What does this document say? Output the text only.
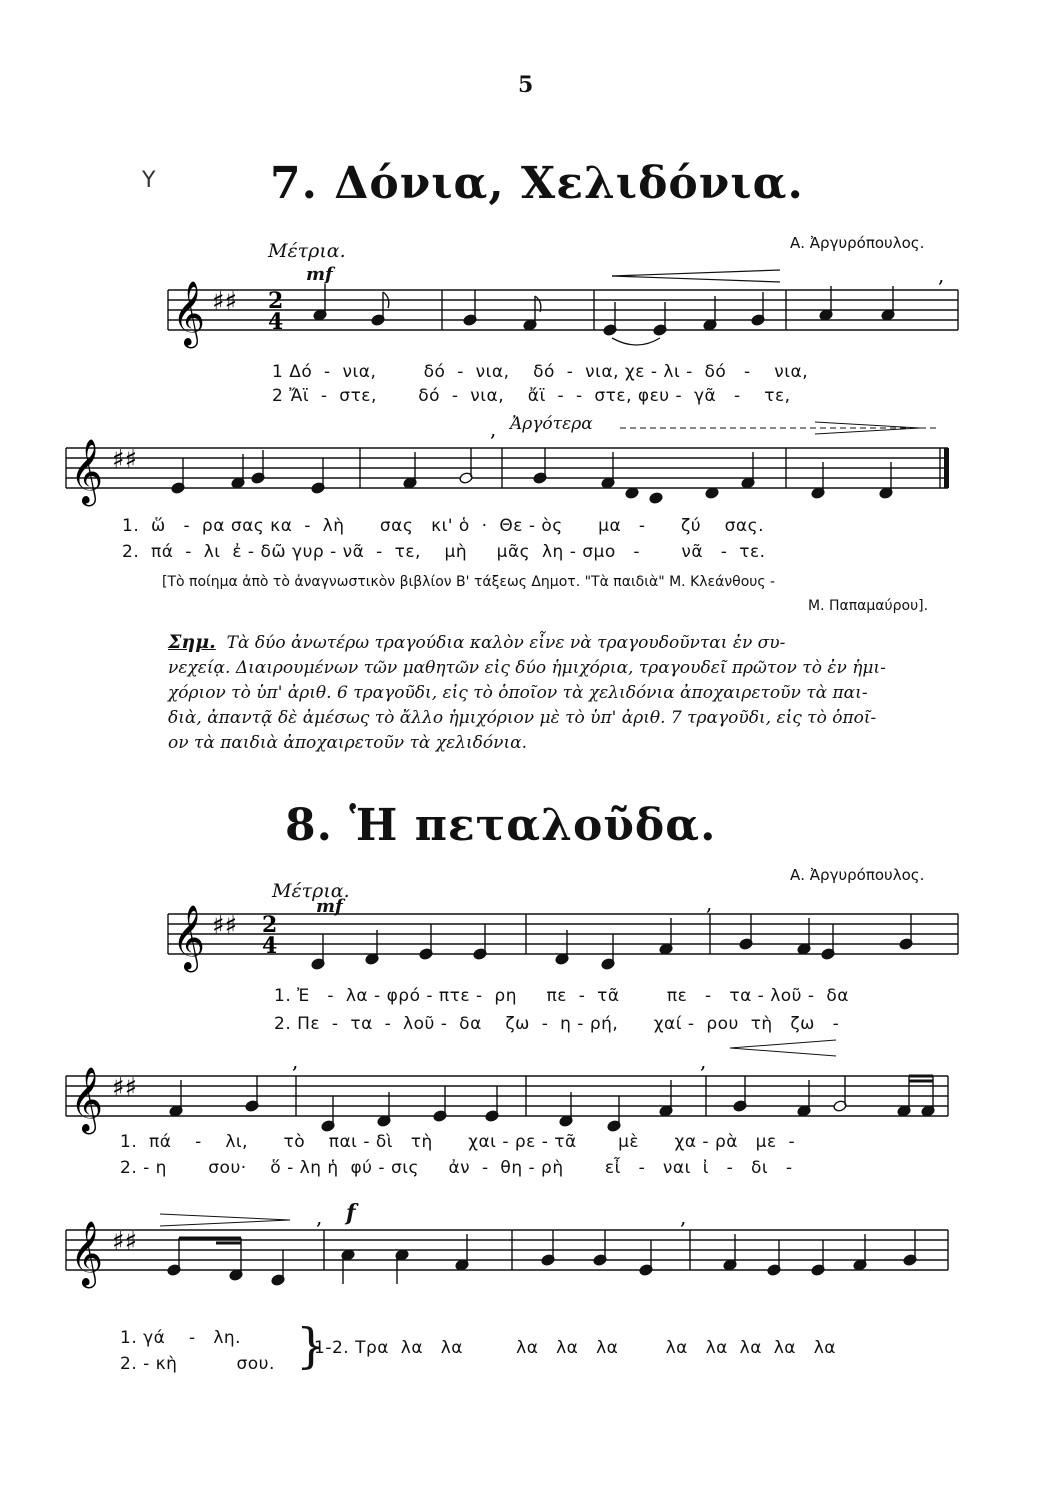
5
Y	7. Δόνια, Χελιδόνια.
Α. Ἀργυρόπουλος.
Μέτρια.
mf
𝄞 ♯♯ 2
4
,
1 Δό  -  νια,        δό  -  νια,    δό  -  νια, χε - λι -  δό   -    νια,
2 Ἄϊ  -  στε,       δό  -  νια,    ἄϊ  -  -  στε, φευ -  γᾶ   -    τε,
Ἀργότερα
,
𝄞 ♯♯
1.  ὥ   -  ρα σας κα  -  λὴ      σας   κι' ὁ  ·  Θε - ὸς      μα   -      ζύ    σας.
2.  πά  -  λι  ἐ - δῶ γυρ - νᾶ  -  τε,    μὴ     μᾶς  λη - σμο   -       νᾶ   -  τε.
[Τὸ ποίημα ἀπὸ τὸ ἀναγνωστικὸν βιβλίον Β' τάξεως Δημοτ. "Τὰ παιδιὰ" Μ. Κλεάνθους -
Μ. Παπαμαύρου].
Σημ. Τὰ δύο ἀνωτέρω τραγούδια καλὸν εἶνε νὰ τραγουδοῦνται ἐν συ-
νεχείᾳ. Διαιρουμένων τῶν μαθητῶν εἰς δύο ἡμιχόρια, τραγουδεῖ πρῶτον τὸ ἐν ἡμι-
χόριον τὸ ὑπ' ἀριθ. 6 τραγοῦδι, εἰς τὸ ὁποῖον τὰ χελιδόνια ἀποχαιρετοῦν τὰ παι-
διὰ, ἀπαντᾷ δὲ ἀμέσως τὸ ἄλλο ἡμιχόριον μὲ τὸ ὑπ' ἀριθ. 7 τραγοῦδι, εἰς τὸ ὁποῖ-
ον τὰ παιδιὰ ἀποχαιρετοῦν τὰ χελιδόνια.
8. Ἡ πεταλοῦδα.
Α. Ἀργυρόπουλος.
Μέτρια.
mf	,
𝄞 ♯♯ 2
4
1. Ἐ   -  λα - φρό - πτε -  ρη     πε  -  τᾶ        πε   -   τα - λοῦ -  δα
2. Πε  -  τα  -  λοῦ -  δα    ζω  -  η - ρή,      χαί -  ρου  τὴ   ζω   -
,	,
𝄞 ♯♯
1.  πά    -    λι,      τὸ    παι - δὶ   τὴ      χαι - ρε - τᾶ       μὲ      χα - ρὰ   με  -
2. - η       σου·    ὅ - λη ἡ  φύ - σις     ἀν  -  θη - ρὴ       εἶ   -   ναι  ἰ   -   δι   -
f
,	,
𝄞 ♯♯
1. γά    -   λη.
2. - κὴ          σου. }
1-2. Τρα  λα   λα         λα   λα   λα        λα   λα  λα  λα   λα
